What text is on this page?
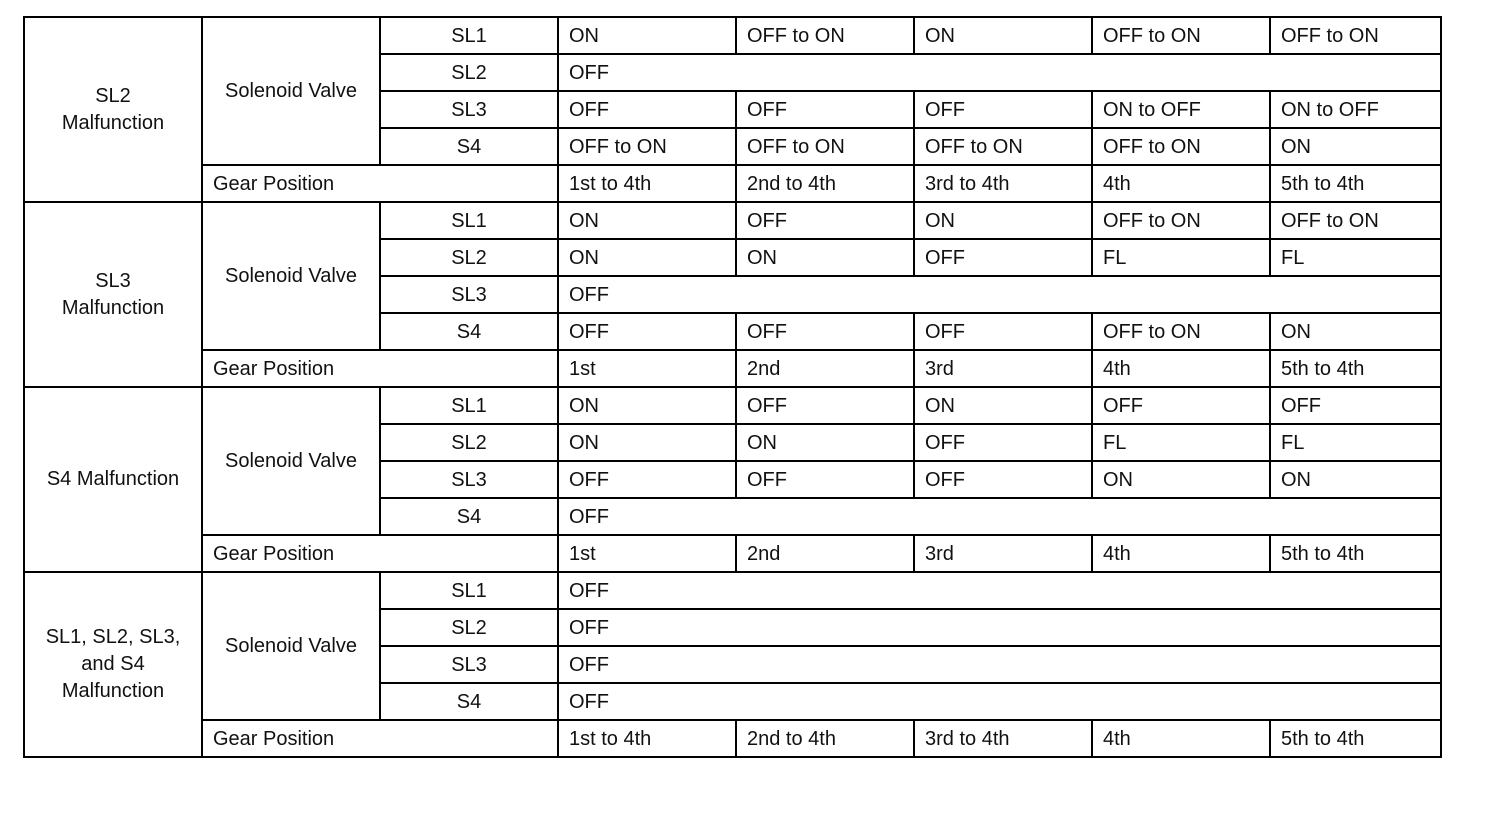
SL2
Malfunction	Solenoid Valve	SL1	ON	OFF to ON	ON	OFF to ON	OFF to ON
		SL2	OFF				
		SL3	OFF	OFF	OFF	ON to OFF	ON to OFF
		S4	OFF to ON	OFF to ON	OFF to ON	OFF to ON	ON
	Gear Position		1st to 4th	2nd to 4th	3rd to 4th	4th	5th to 4th
SL3
Malfunction	Solenoid Valve	SL1	ON	OFF	ON	OFF to ON	OFF to ON
		SL2	ON	ON	OFF	FL	FL
		SL3	OFF				
		S4	OFF	OFF	OFF	OFF to ON	ON
	Gear Position		1st	2nd	3rd	4th	5th to 4th
S4 Malfunction	Solenoid Valve	SL1	ON	OFF	ON	OFF	OFF
		SL2	ON	ON	OFF	FL	FL
		SL3	OFF	OFF	OFF	ON	ON
		S4	OFF				
	Gear Position		1st	2nd	3rd	4th	5th to 4th
SL1, SL2, SL3,
and S4
Malfunction	Solenoid Valve	SL1	OFF				
		SL2	OFF				
		SL3	OFF				
		S4	OFF				
	Gear Position		1st to 4th	2nd to 4th	3rd to 4th	4th	5th to 4th
